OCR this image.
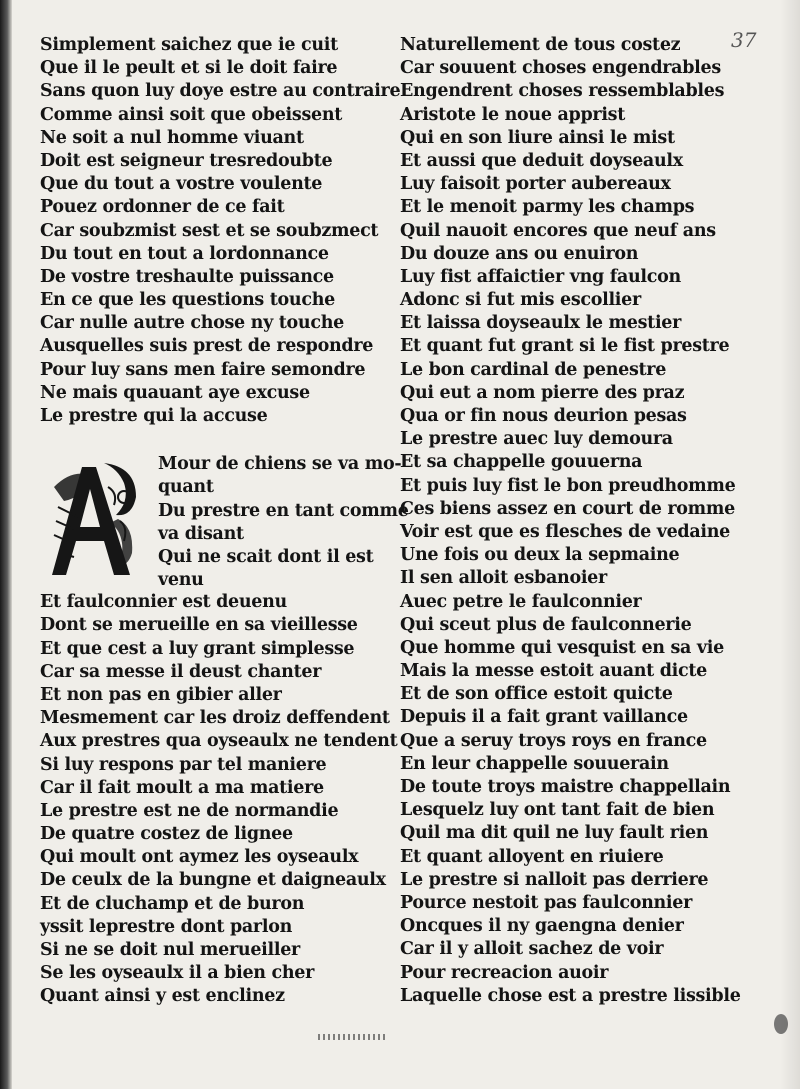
37
Simplement saichez que ie cuit
Que il le peult et si le doit faire
Sans quon luy doye estre au contraire
Comme ainsi soit que obeissent
Ne soit a nul homme viuant
Doit est seigneur tresredoubte
Que du tout a vostre voulente
Pouez ordonner de ce fait
Car soubzmist sest et se soubzmect
Du tout en tout a lordonnance
De vostre treshaulte puissance
En ce que les questions touche
Car nulle autre chose ny touche
Ausquelles suis prest de respondre
Pour luy sans men faire semondre
Ne mais quauant aye excuse
Le prestre qui la accuse
Mour de chiens se va mo-
quant
Du prestre en tant comme
va disant
Qui ne scait dont il est
venu
Et faulconnier est deuenu
Dont se merueille en sa vieillesse
Et que cest a luy grant simplesse
Car sa messe il deust chanter
Et non pas en gibier aller
Mesmement car les droiz deffendent
Aux prestres qua oyseaulx ne tendent
Si luy respons par tel maniere
Car il fait moult a ma matiere
Le prestre est ne de normandie
De quatre costez de lignee
Qui moult ont aymez les oyseaulx
De ceulx de la bungne et daigneaulx
Et de cluchamp et de buron
yssit leprestre dont parlon
Si ne se doit nul merueiller
Se les oyseaulx il a bien cher
Quant ainsi y est enclinez
Naturellement de tous costez
Car souuent choses engendrables
Engendrent choses ressemblables
Aristote le noue apprist
Qui en son liure ainsi le mist
Et aussi que deduit doyseaulx
Luy faisoit porter aubereaux
Et le menoit parmy les champs
Quil nauoit encores que neuf ans
Du douze ans ou enuiron
Luy fist affaictier vng faulcon
Adonc si fut mis escollier
Et laissa doyseaulx le mestier
Et quant fut grant si le fist prestre
Le bon cardinal de penestre
Qui eut a nom pierre des praz
Qua or fin nous deurion pesas
Le prestre auec luy demoura
Et sa chappelle gouuerna
Et puis luy fist le bon preudhomme
Ces biens assez en court de romme
Voir est que es flesches de vedaine
Une fois ou deux la sepmaine
Il sen alloit esbanoier
Auec petre le faulconnier
Qui sceut plus de faulconnerie
Que homme qui vesquist en sa vie
Mais la messe estoit auant dicte
Et de son office estoit quicte
Depuis il a fait grant vaillance
Que a seruy troys roys en france
En leur chappelle souuerain
De toute troys maistre chappellain
Lesquelz luy ont tant fait de bien
Quil ma dit quil ne luy fault rien
Et quant alloyent en riuiere
Le prestre si nalloit pas derriere
Pource nestoit pas faulconnier
Oncques il ny gaengna denier
Car il y alloit sachez de voir
Pour recreacion auoir
Laquelle chose est a prestre lissible
